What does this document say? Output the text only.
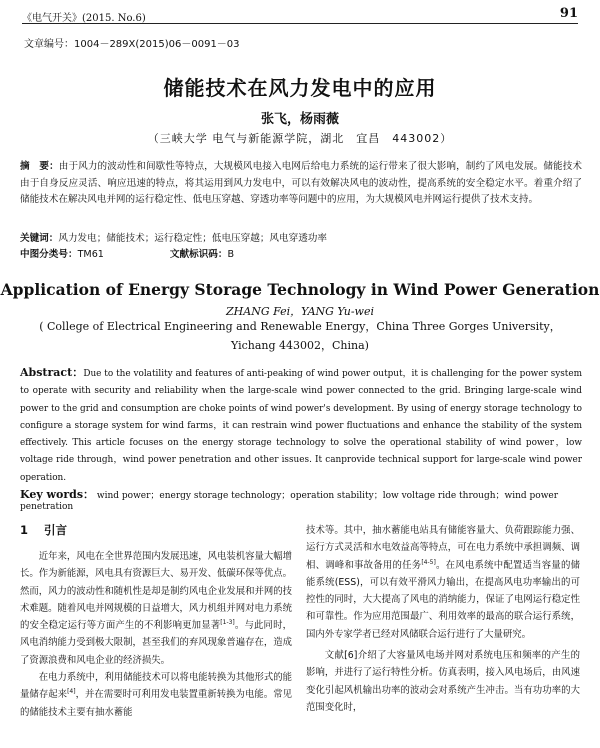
《电气开关》(2015. No.6)	91
文章编号：1004－289X(2015)06－0091－03
储能技术在风力发电中的应用
张飞，杨雨薇
（三峡大学 电气与新能源学院，湖北　宜昌　443002）
摘　要：由于风力的波动性和间歇性等特点，大规模风电接入电网后给电力系统的运行带来了很大影响，制约了风电发展。储能技术由于自身反应灵活、响应迅速的特点，将其运用到风力发电中，可以有效解决风电的波动性，提高系统的安全稳定水平。着重介绍了储能技术在解决风电并网的运行稳定性、低电压穿越、穿透功率等问题中的应用，为大规模风电并网运行提供了技术支持。
关键词：风力发电；储能技术；运行稳定性；低电压穿越；风电穿透功率
中图分类号：TM61	文献标识码：B
Application of Energy Storage Technology in Wind Power Generation
ZHANG Fei，YANG Yu-wei
( College of Electrical Engineering and Renewable Energy，China Three Gorges University，
Yichang 443002，China)
Abstract：Due to the volatility and features of anti-peaking of wind power output，it is challenging for the power system to operate with security and reliability when the large-scale wind power connected to the grid. Bringing large-scale wind power to the grid and consumption are choke points of wind power's development. By using of energy storage technology to configure a storage system for wind farms，it can restrain wind power fluctuations and enhance the stability of the system effectively. This article focuses on the energy storage technology to solve the operational stability of wind power，low voltage ride through，wind power penetration and other issues. It canprovide technical support for large-scale wind power operation.
Key words： wind power；energy storage technology；operation stability；low voltage ride through；wind power penetration
1 引言

近年来，风电在全世界范围内发展迅速，风电装机容量大幅增长。作为新能源，风电具有资源巨大、易开发、低碳环保等优点。然而，风力的波动性和随机性是却是制约风电企业发展和并网的技术难题。随着风电并网规模的日益增大，风力机组并网对电力系统的安全稳定运行等方面产生的不利影响更加显著[1-3]。与此同时，风电消纳能力受到极大限制，甚至我们的弃风现象普遍存在，造成了资源浪费和风电企业的经济损失。

在电力系统中，利用储能技术可以将电能转换为其他形式的能量储存起来[4]，并在需要时可利用发电装置重新转换为电能。常见的储能技术主要有抽水蓄能

技术等。其中，抽水蓄能电站具有储能容量大、负荷跟踪能力强、运行方式灵活和水电效益高等特点，可在电力系统中承担调频、调相、调峰和事故备用的任务[4-5]。在风电系统中配置适当容量的储能系统(ESS)，可以有效平滑风力输出，在提高风电功率输出的可控性的同时，大大提高了风电的消纳能力，保证了电网运行稳定性和可靠性。作为应用范围最广、利用效率的最高的联合运行系统，国内外专家学者已经对风储联合运行进行了大量研究。

文献[6]介绍了大容量风电场并网对系统电压和频率的产生的影响，并进行了运行特性分析。仿真表明，接入风电场后，由风速变化引起风机输出功率的波动会对系统产生冲击。当有功功率的大范围变化时，
